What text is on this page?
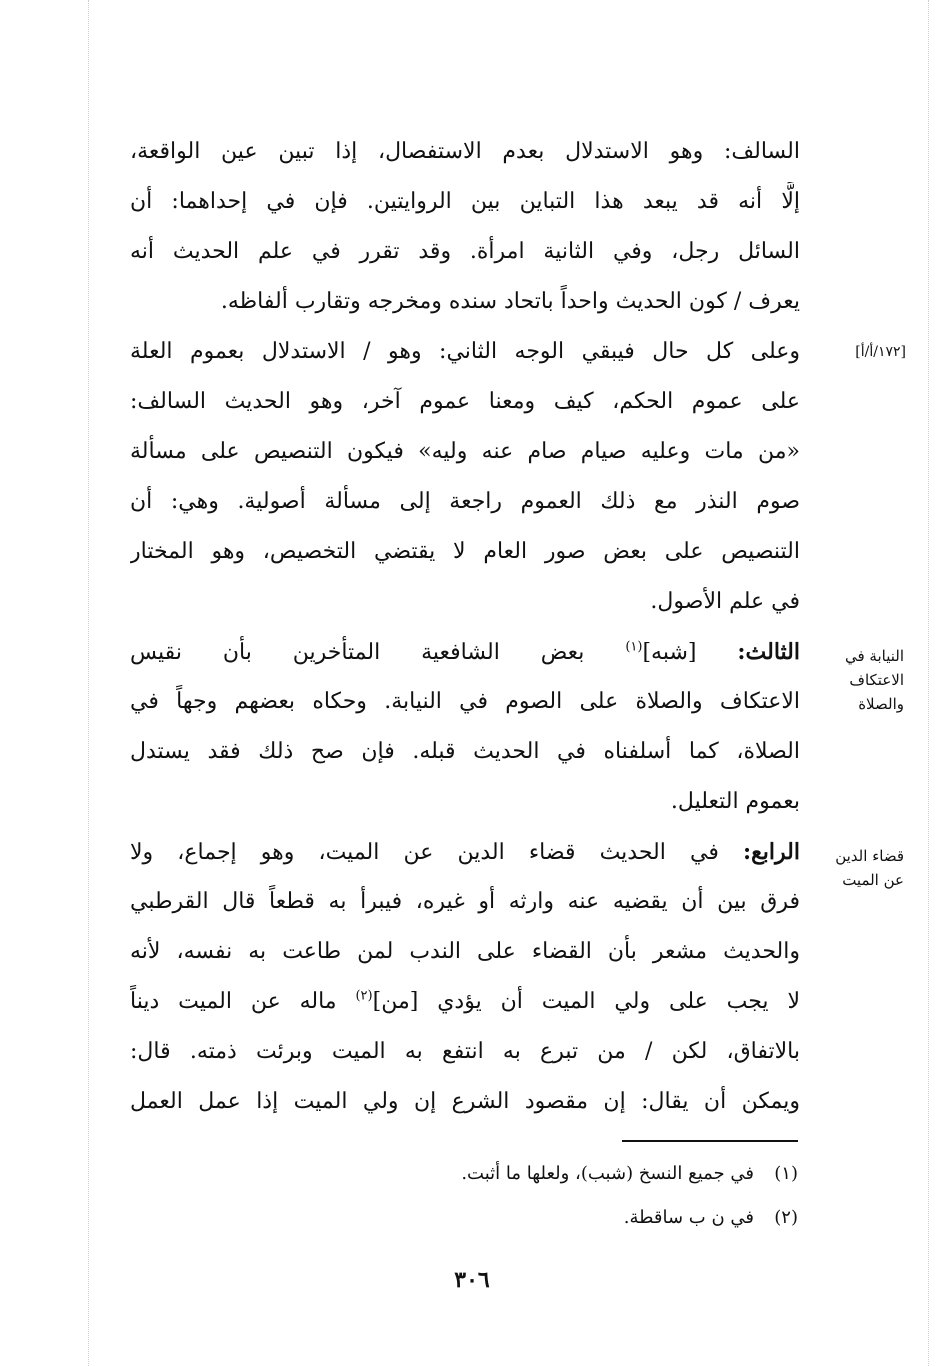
السالف: وهو الاستدلال بعدم الاستفصال، إذا تبين عين الواقعة،
إلَّا أنه قد يبعد هذا التباين بين الروايتين. فإن في إحداهما: أن
السائل رجل، وفي الثانية امرأة. وقد تقرر في علم الحديث أنه
يعرف / كون الحديث واحداً باتحاد سنده ومخرجه وتقارب ألفاظه.
وعلى كل حال فيبقي الوجه الثاني: وهو / الاستدلال بعموم العلة
على عموم الحكم، كيف ومعنا عموم آخر، وهو الحديث السالف:
«من مات وعليه صيام صام عنه وليه» فيكون التنصيص على مسألة
صوم النذر مع ذلك العموم راجعة إلى مسألة أصولية. وهي: أن
التنصيص على بعض صور العام لا يقتضي التخصيص، وهو المختار
في علم الأصول.
الثالث: [شبه]$^{(١)}$ بعض الشافعية المتأخرين بأن نقيس
الاعتكاف والصلاة على الصوم في النيابة. وحكاه بعضهم وجهاً في
الصلاة، كما أسلفناه في الحديث قبله. فإن صح ذلك فقد يستدل
بعموم التعليل.
الرابع: في الحديث قضاء الدين عن الميت، وهو إجماع، ولا
فرق بين أن يقضيه عنه وارثه أو غيره، فيبرأ به قطعاً قال القرطبي
والحديث مشعر بأن القضاء على الندب لمن طاعت به نفسه، لأنه
لا يجب على ولي الميت أن يؤدي [من]$^{(٢)}$ ماله عن الميت ديناً
بالاتفاق، لكن / من تبرع به انتفع به الميت وبرئت ذمته. قال:
ويمكن أن يقال: إن مقصود الشرع إن ولي الميت إذا عمل العمل
[١٧٢/أ/أ]
النيابة في
الاعتكاف
والصلاة
قضاء الدين
عن الميت
(١)في جميع النسخ (شبب)، ولعلها ما أثبت.
(٢)في ن ب ساقطة.
٣٠٦
